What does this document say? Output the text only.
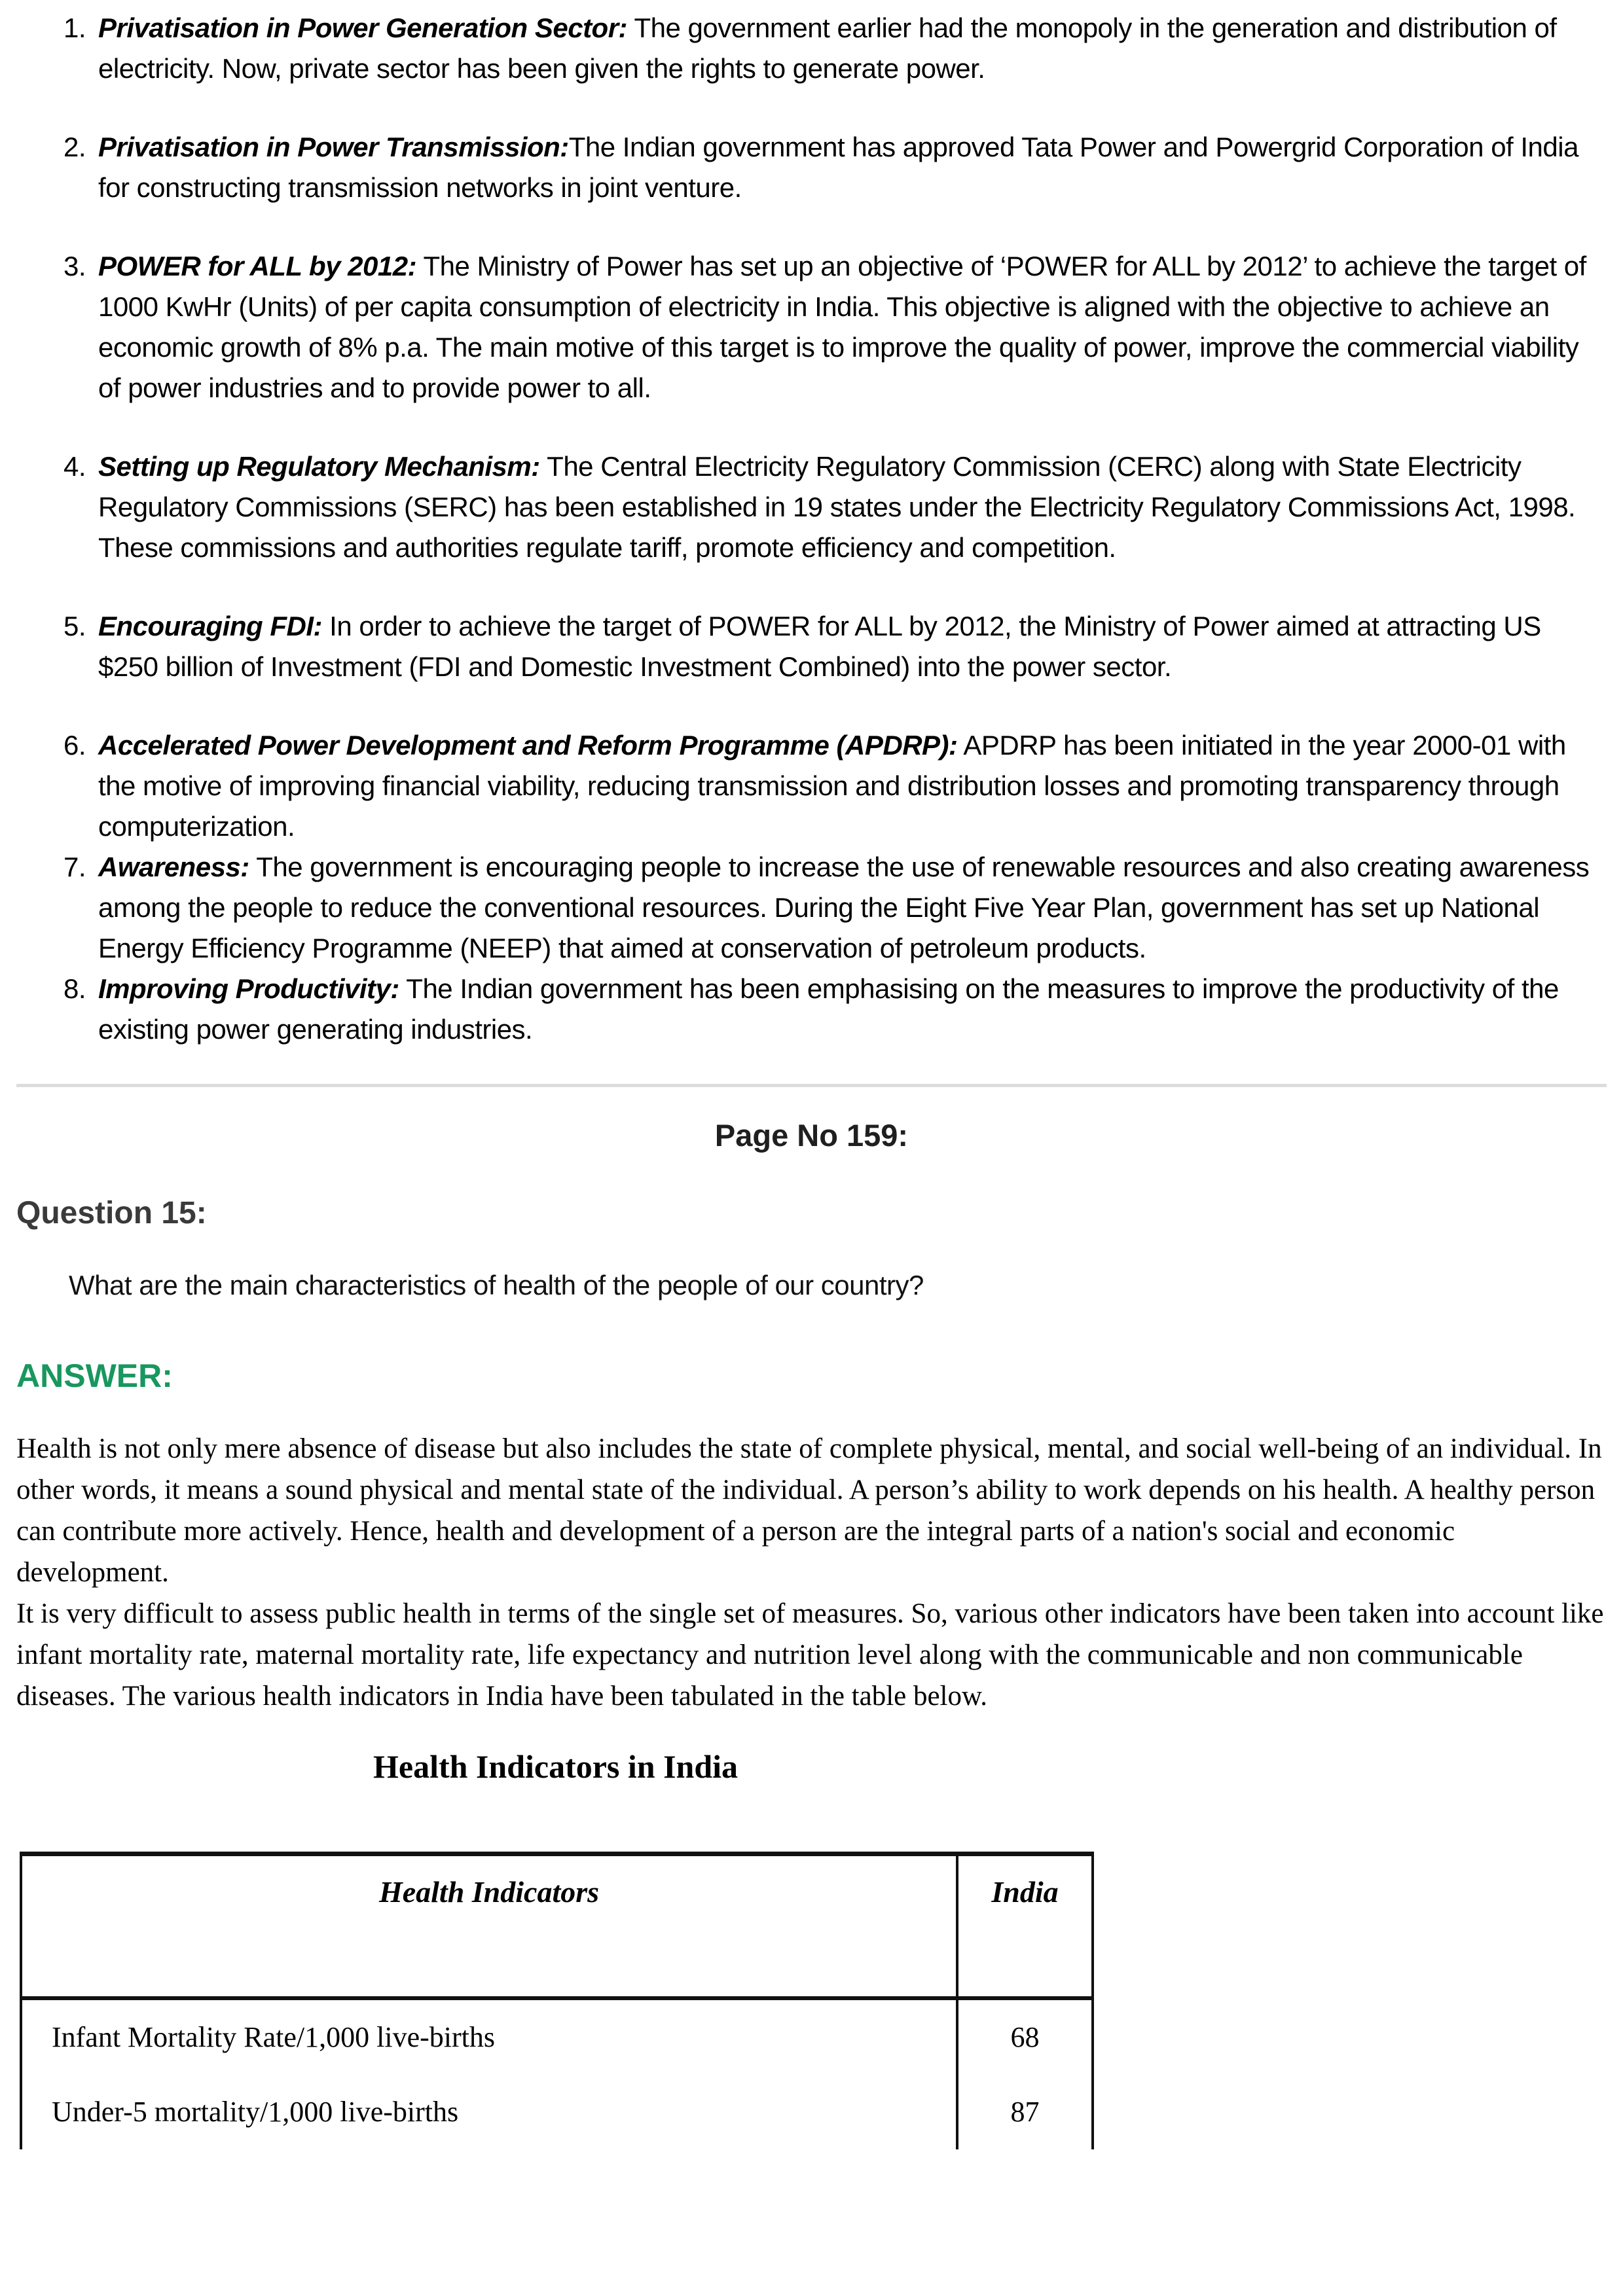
1. Privatisation in Power Generation Sector: The government earlier had the monopoly in the generation and distribution of electricity. Now, private sector has been given the rights to generate power.
2. Privatisation in Power Transmission:The Indian government has approved Tata Power and Powergrid Corporation of India for constructing transmission networks in joint venture.
3. POWER for ALL by 2012: The Ministry of Power has set up an objective of ‘POWER for ALL by 2012’ to achieve the target of 1000 KwHr (Units) of per capita consumption of electricity in India. This objective is aligned with the objective to achieve an economic growth of 8% p.a. The main motive of this target is to improve the quality of power, improve the commercial viability of power industries and to provide power to all.
4. Setting up Regulatory Mechanism: The Central Electricity Regulatory Commission (CERC) along with State Electricity Regulatory Commissions (SERC) has been established in 19 states under the Electricity Regulatory Commissions Act, 1998. These commissions and authorities regulate tariff, promote efficiency and competition.
5. Encouraging FDI: In order to achieve the target of POWER for ALL by 2012, the Ministry of Power aimed at attracting US $250 billion of Investment (FDI and Domestic Investment Combined) into the power sector.
6. Accelerated Power Development and Reform Programme (APDRP): APDRP has been initiated in the year 2000-01 with the motive of improving financial viability, reducing transmission and distribution losses and promoting transparency through computerization.
7. Awareness: The government is encouraging people to increase the use of renewable resources and also creating awareness among the people to reduce the conventional resources. During the Eight Five Year Plan, government has set up National Energy Efficiency Programme (NEEP) that aimed at conservation of petroleum products.
8. Improving Productivity: The Indian government has been emphasising on the measures to improve the productivity of the existing power generating industries.
Page No 159:
Question 15:

What are the main characteristics of health of the people of our country?

ANSWER:

Health is not only mere absence of disease but also includes the state of complete physical, mental, and social well-being of an individual. In other words, it means a sound physical and mental state of the individual. A person’s ability to work depends on his health. A healthy person can contribute more actively. Hence, health and development of a person are the integral parts of a nation's social and economic development.

It is very difficult to assess public health in terms of the single set of measures. So, various other indicators have been taken into account like infant mortality rate, maternal mortality rate, life expectancy and nutrition level along with the communicable and non communicable diseases. The various health indicators in India have been tabulated in the table below.

Health Indicators in India
Health Indicators	India
Infant Mortality Rate/1,000 live-births	68
Under-5 mortality/1,000 live-births	87
